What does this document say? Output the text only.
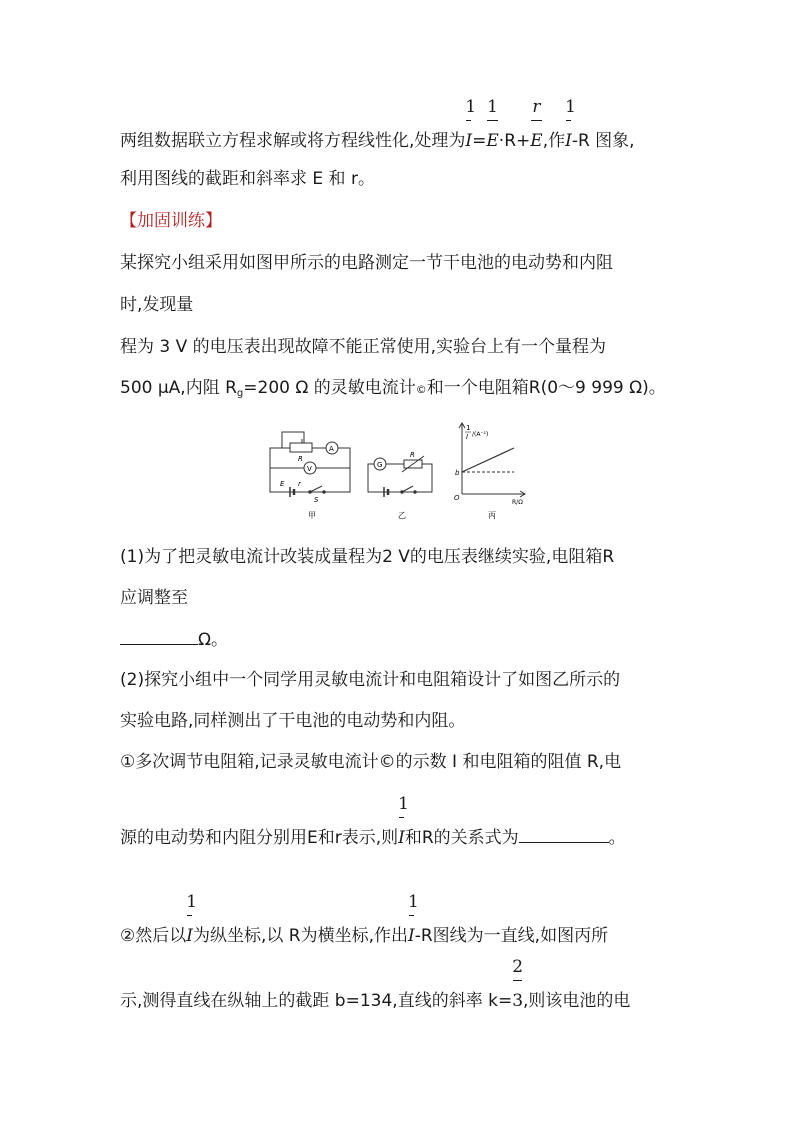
两组数据联立方程求解或将方程线性化,处理为 $\frac{1}{I}= \frac{1}{E}\cdot R+ \frac{r}{E}$,作 $\frac{1}{I}-R$ 图象,
利用图线的截距和斜率求 E 和 r。
【加固训练】
某探究小组采用如图甲所示的电路测定一节干电池的电动势和内阻
时,发现量
程为 3 V 的电压表出现故障不能正常使用,实验台上有一个量程为
500 μA,内阻 $R_g=200$ Ω 的灵敏电流计©和一个电阻箱R(0～9 999 Ω)。
A
V
R
E r
S
甲
G
R
乙
1
I /(A⁻¹)
b
O
R/Ω
丙
(1)为了把灵敏电流计改装成量程为2 V的电压表继续实验,电阻箱R
应调整至
Ω。
(2)探究小组中一个同学用灵敏电流计和电阻箱设计了如图乙所示的
实验电路,同样测出了干电池的电动势和内阻。
①多次调节电阻箱,记录灵敏电流计©的示数 I 和电阻箱的阻值 R,电
源的电动势和内阻分别用E和r表示,则 $\frac{1}{I}$和R的关系式为	。
②然后以 $\frac{1}{I}$为纵坐标,以 R为横坐标,作出 $\frac{1}{I}-R$图线为一直线,如图丙所
示,测得直线在纵轴上的截距 b=134,直线的斜率 $k= \frac{2}{3}$,则该电池的电
